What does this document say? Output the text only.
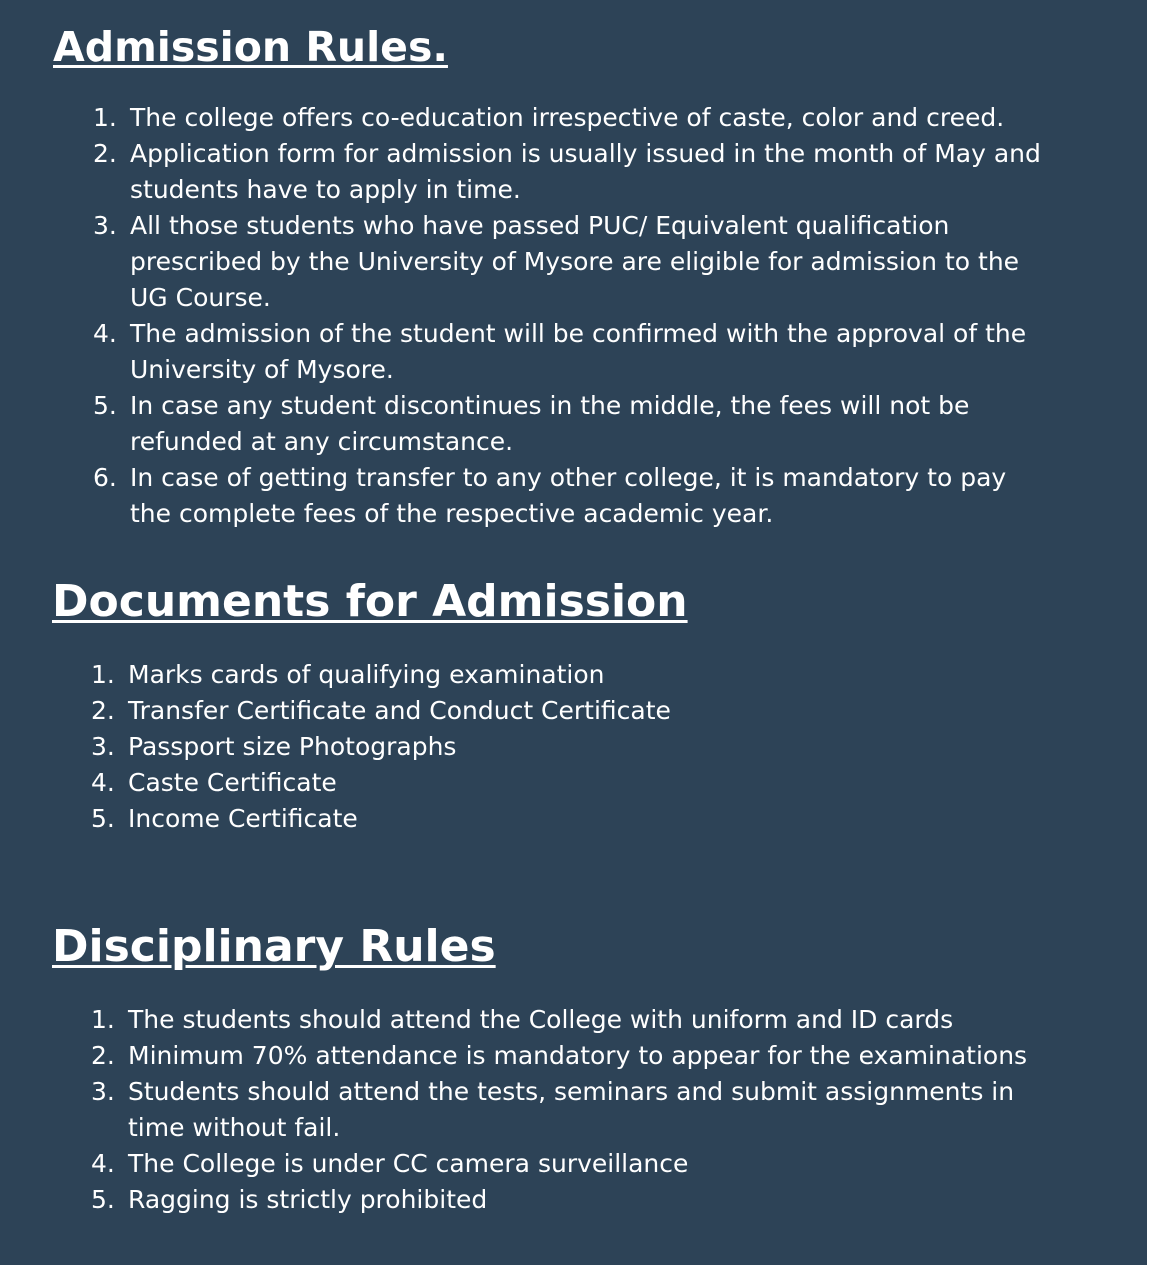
Admission Rules.
1. The college offers co-education irrespective of caste, color and creed.
2. Application form for admission is usually issued in the month of May and students have to apply in time.
3. All those students who have passed PUC/ Equivalent qualification prescribed by the University of Mysore are eligible for admission to the UG Course.
4. The admission of the student will be confirmed with the approval of the University of Mysore.
5. In case any student discontinues in the middle, the fees will not be refunded at any circumstance.
6. In case of getting transfer to any other college, it is mandatory to pay the complete fees of the respective academic year.
Documents for Admission
1. Marks cards of qualifying examination
2. Transfer Certificate and Conduct Certificate
3. Passport size Photographs
4. Caste Certificate
5. Income Certificate
Disciplinary Rules
1. The students should attend the College with uniform and ID cards
2. Minimum 70% attendance is mandatory to appear for the examinations
3. Students should attend the tests, seminars and submit assignments in time without fail.
4. The College is under CC camera surveillance
5. Ragging is strictly prohibited
